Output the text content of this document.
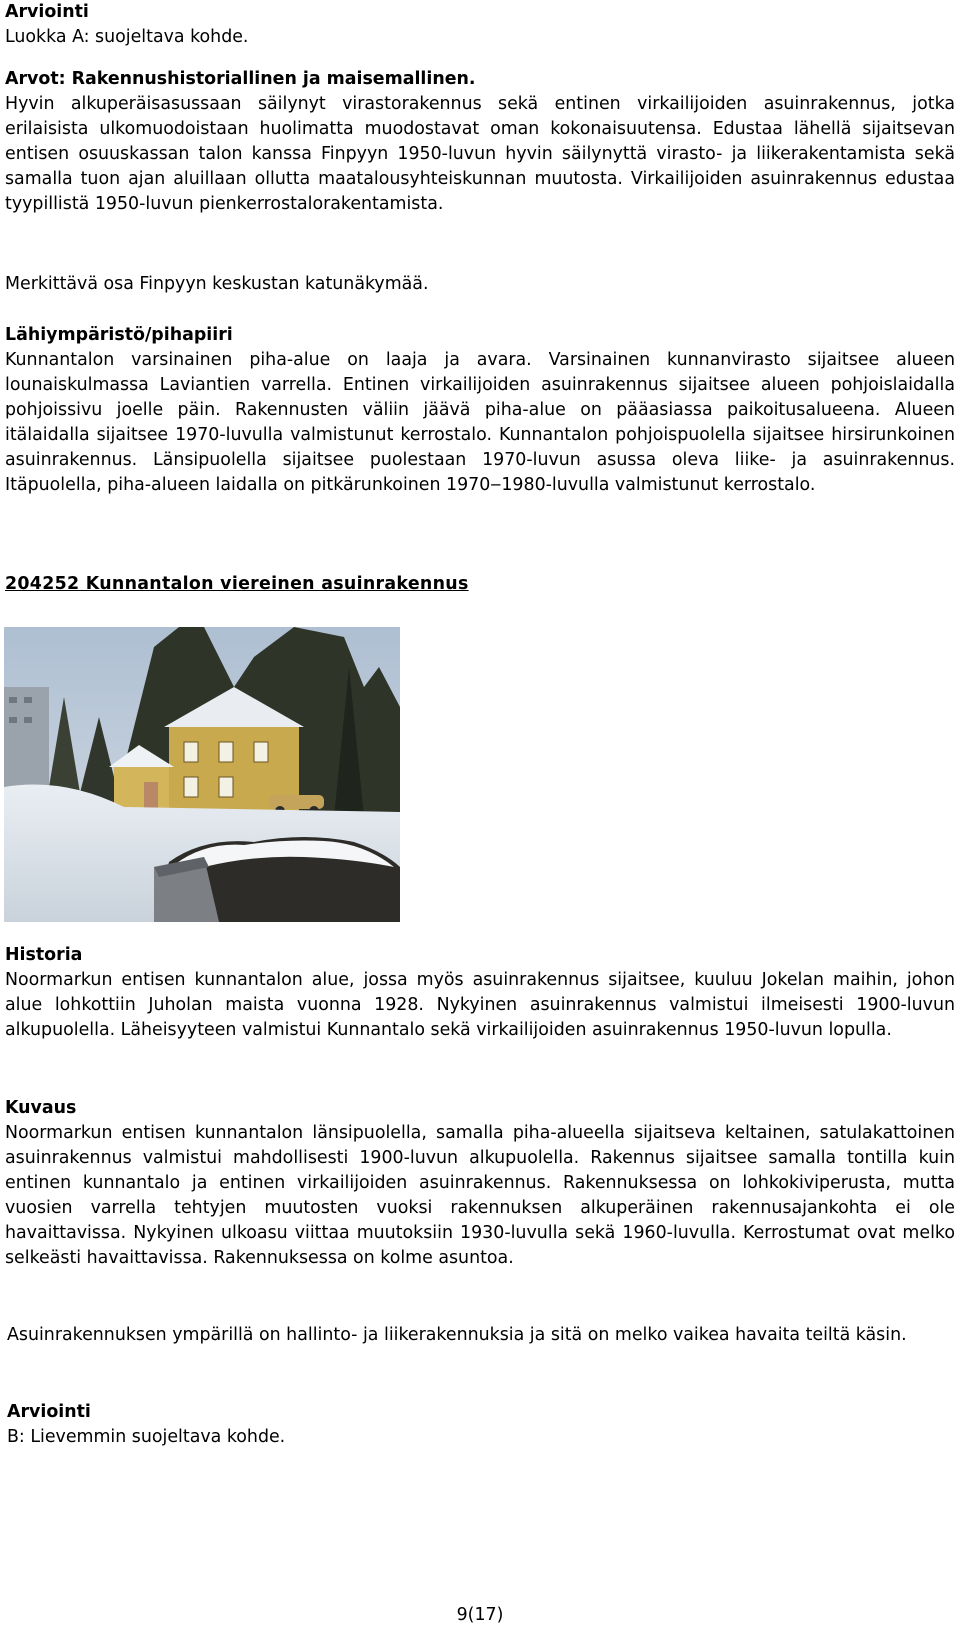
Arviointi
Luokka A: suojeltava kohde.
Arvot: Rakennushistoriallinen ja maisemallinen.
Hyvin alkuperäisasussaan säilynyt virastorakennus sekä entinen virkailijoiden asuinrakennus, jotka erilaisista ulkomuodoistaan huolimatta muodostavat oman kokonaisuutensa. Edustaa lähellä sijaitsevan entisen osuuskassan talon kanssa Finpyyn 1950-luvun hyvin säilynyttä virasto- ja liikerakentamista sekä samalla tuon ajan aluillaan ollutta maatalousyhteiskunnan muutosta. Virkailijoiden asuinrakennus edustaa tyypillistä 1950-luvun pienkerrostalorakentamista.
Merkittävä osa Finpyyn keskustan katunäkymää.
Lähiympäristö/pihapiiri
Kunnantalon varsinainen piha-alue on laaja ja avara. Varsinainen kunnanvirasto sijaitsee alueen lounaiskulmassa Laviantien varrella. Entinen virkailijoiden asuinrakennus sijaitsee alueen pohjoislaidalla pohjoissivu joelle päin. Rakennusten väliin jäävä piha-alue on pääasiassa paikoitusalueena. Alueen itälaidalla sijaitsee 1970-luvulla valmistunut kerrostalo. Kunnantalon pohjoispuolella sijaitsee hirsirunkoinen asuinrakennus. Länsipuolella sijaitsee puolestaan 1970-luvun asussa oleva liike- ja asuinrakennus. Itäpuolella, piha-alueen laidalla on pitkärunkoinen 1970‒1980-luvulla valmistunut kerrostalo.
204252 Kunnantalon viereinen asuinrakennus
Historia
Noormarkun entisen kunnantalon alue, jossa myös asuinrakennus sijaitsee, kuuluu Jokelan maihin, johon alue lohkottiin Juholan maista vuonna 1928. Nykyinen asuinrakennus valmistui ilmeisesti 1900-luvun alkupuolella. Läheisyyteen valmistui Kunnantalo sekä virkailijoiden asuinrakennus 1950-luvun lopulla.
Kuvaus
Noormarkun entisen kunnantalon länsipuolella, samalla piha-alueella sijaitseva keltainen, satulakattoinen asuinrakennus valmistui mahdollisesti 1900-luvun alkupuolella. Rakennus sijaitsee samalla tontilla kuin entinen kunnantalo ja entinen virkailijoiden asuinrakennus. Rakennuksessa on lohkokiviperusta, mutta vuosien varrella tehtyjen muutosten vuoksi rakennuksen alkuperäinen rakennusajankohta ei ole havaittavissa. Nykyinen ulkoasu viittaa muutoksiin 1930-luvulla sekä 1960-luvulla. Kerrostumat ovat melko selkeästi havaittavissa. Rakennuksessa on kolme asuntoa.
Asuinrakennuksen ympärillä on hallinto- ja liikerakennuksia ja sitä on melko vaikea havaita teiltä käsin.
Arviointi
B: Lievemmin suojeltava kohde.
9(17)
